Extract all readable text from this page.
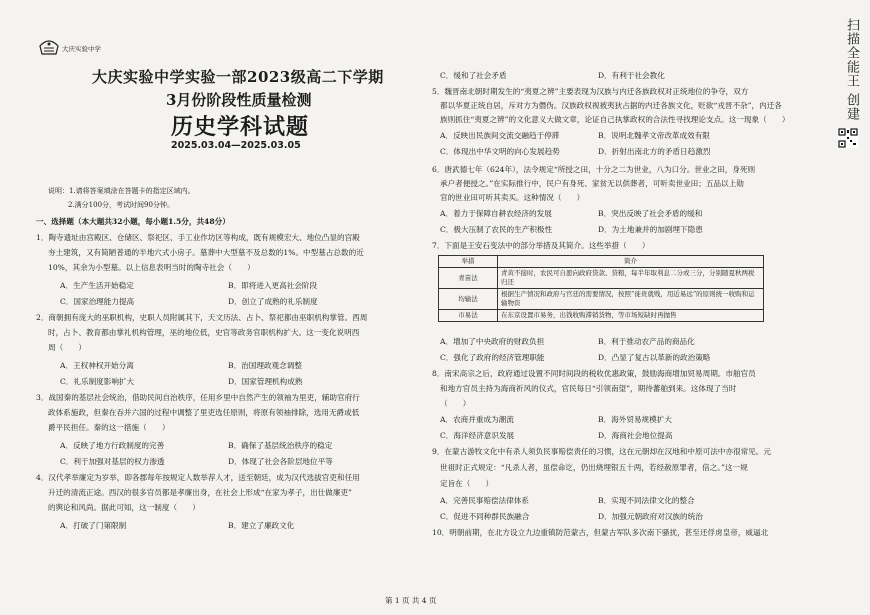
大庆实验中学
大庆实验中学实验一部2023级高二下学期
3月份阶段性质量检测
历史学科试题
2025.03.04—2025.03.05
说明：1.请将答案填涂在答题卡的指定区域内。
2.满分100分，考试时间90分钟。
一、选择题（本大题共32小题，每小题1.5分，共48分）
1．陶寺遗址由宫殿区、仓储区、祭祀区、手工业作坊区等构成，既有规模宏大、地位凸显的宫殿
夯土建筑，又有简陋普通的半地穴式小房子。墓葬中大型墓不及总数的1%。中型墓占总数的近
10%，其余为小型墓。以上信息表明当时的陶寺社会（　　）
A．生产生活开始稳定	B．即将进入更高社会阶段
C．国家治理能力提高	D．创立了成熟的礼乐制度
2．商朝拥有庞大的巫职机构，史职人员附属其下，天文历法、占卜、祭祀都由巫职机构掌管。西周
时，占卜、教育都由掌礼机构管理，巫的地位低，史官等政务官职机构扩大。这一变化说明西
周（　　）
A．王权神权开始分离	B．治国理政观念调整
C．礼乐制度影响扩大	D．国家管理机构成熟
3．战国秦的基层社会统治，借助民间自治秩序，任用乡里中自然产生的领袖为里吏，辅助官府行
政体系施政，但秦在吞并六国的过程中调整了里吏选任原则，将原有领袖排除，选用无爵或低
爵平民担任。秦的这一措施（　　）
A．反映了地方行政制度的完善	B．确保了基层统治秩序的稳定
C．利于加强对基层的权力渗透	D．体现了社会各阶层地位平等
4．汉代孝举廉定为岁举，即各郡每年按规定人数举荐人才，送至朝廷，成为汉代选拔官吏和任用
升迁的清流正途。西汉的很多官员都是孝廉出身，在社会上形成“在家为孝子，出仕做廉吏”
的舆论和风尚。据此可知，这一制度（　　）
A．打破了门第限制	B．建立了廉政文化
C．缓和了社会矛盾	D．有利于社会教化
5．魏晋南北朝时期发生的“夷夏之辨”主要表现为汉族与内迁各族政权对正统地位的争夺，双方
都以华夏正统自居，斥对方为僭伪。汉族政权视被夷狄占据的内迁各族文化，贬欲“戎晋不杂”，内迁各
族则抓住“夷夏之辨”的文化意义大做文章，论证自己执掌政权的合法性寻找理论支点。这一现象（　　）
A．反映出民族间交流交融趋于停滞	B．说明北魏孝文帝改革成效有限
C．体现出中华文明的向心发展趋势	D．折射出南北方的矛盾日趋激烈
6．唐武德七年（624年），法令规定“所授之田，十分之二为世业，八为口分。世业之田，身死则
承户者便授之。”在实际推行中，民户有身死、家贫无以供葬者，可听卖世业田；五品以上勋
官的世业田可听其卖买。这种情况（　　）
A．着力于保障自耕农经济的发展	B．突出反映了社会矛盾的缓和
C．极大压制了农民的生产积极性	D．为土地兼并的加剧埋下隐患
7．下面是王安石变法中的部分举措及其简介。这些举措（　　）
举措	简介
青苗法	青黄不接时，农民可自愿向政府贷款、贷粮，每半年取利息二分或三分，分别随夏秋两税归还
均输法	根据生产情况和政府与官廷的需要情况，按照“徙贵就贱，用近易远”的原则统一收购和运输物资
市易法	在东京设置市易务，出钱收购滞销货物，等市场短缺时再抛售
A．增加了中央政府的财政负担	B．利于推动农产品的商品化
C．强化了政府的经济管理职能	D．凸显了复古以革新的政治策略
8．南宋高宗之后，政府通过设置不同时间段的税收优惠政策，鼓励海商增加贸易周期。市舶官员
和地方官员主持为海商祈风的仪式，官民每日“引领南望”，期待蕃舶到来。这体现了当时
（　　）
A．农商并重成为潮流	B．海外贸易规模扩大
C．海洋经济意识发展	D．海商社会地位提高
9．在蒙古游牧文化中有杀人须负民事赔偿责任的习惯，这在元朝却在汉地和中原可法中亦很常见。元
世祖时正式规定：“凡杀人者，虽偿命讫，仍出烧埋银五十两，若经赦原罪者，倍之。”这一规
定旨在（　　）
A．完善民事赔偿法律体系	B．实现不同法律文化的整合
C．促进不同种群民族融合	D．加强元朝政府对汉族的统治
10．明朝前期，在北方设立九边重镇防范蒙古，但蒙古军队多次南下骚扰，甚至还俘虏皇帝，威逼北
第 1 页 共 4 页
扫描全能王 创建
